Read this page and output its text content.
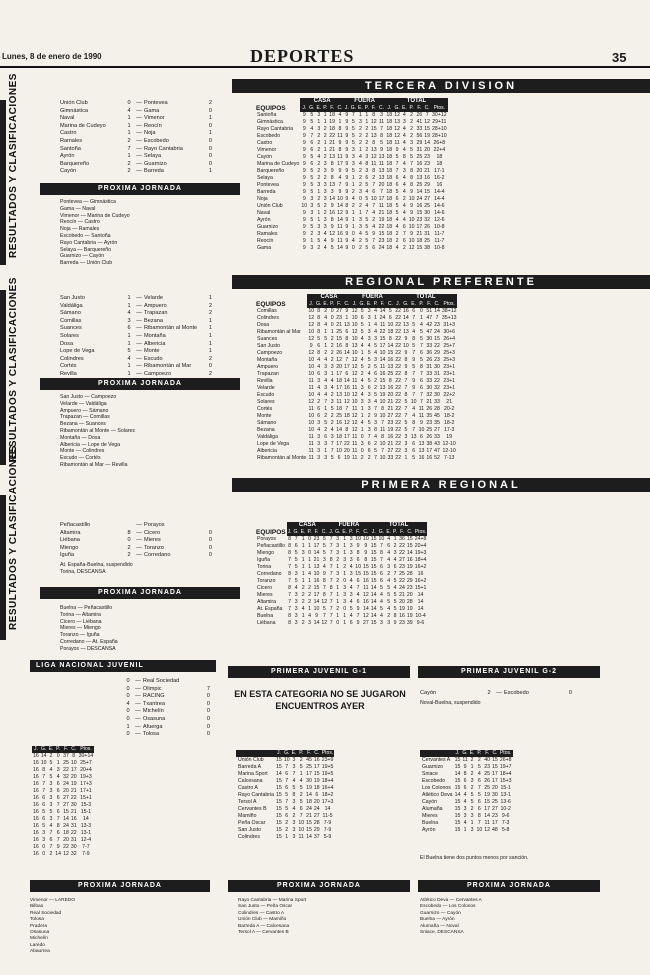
Lunes, 8 de enero de 1990	DEPORTES	35
RESULTADOS Y CLASIFICACIONES
RESULTADOS Y CLASIFICACIONES
RESULTADOS Y CLASIFICACIONES
TERCERA DIVISION
Unión Club	0	— Pontevea	2
Gimnástica	4	— Gama	0
Naval	1	— Vimenor	1
Marina de Cudeyo	1	— Reocín	0
Castro	1	— Noja	1
Ramales	2	— Escobedo	0
Santoña	7	— Rayo Cantabria	0
Ayrón	1	— Selaya	0
Barquereño	2	— Guarnizo	0
Cayón	2	— Barreda	1
PROXIMA JORNADA
Pontevea — Gimnástica
Gama — Naval
Vimenor — Marina de Cudeyo
Reocín — Castro
Noja — Ramales
Escobedo — Santoña
Rayo Cantabria — Ayrón
Selaya — Barquereño
Guarnizo — Cayón
Barreda — Unión Club
EQUIPOS	CASA						FUERA						TOTAL						
	J.	G.	E.	P.	F.	C.	J.	G.	E.	P.	F.	C.	J.	G.	E.	P.	F.	C.	Ptos.
Santoña	9	5	3	1	18	4	9	7	1	1	8	3	18	12	4	2	26	7	30+12
Gimnástica	9	5	1	1	19	1	9	5	3	1	12	11	18	13	3	2	41	12	29+11
Rayo Cantabria	9	4	3	2	18	8	9	5	2	2	15	7	18	12	4	2	33	15	28+10
Escobedo	9	7	2	2	22	11	9	5	2	2	13	8	18	12	4	2	56	19	28+10
Castro	9	6	2	1	21	9	9	5	2	2	8	5	18	11	4	3	29	14	26+8
Vimenor	9	6	2	1	21	8	9	3	1	2	13	9	18	9	4	5	31	20	22+4
Cayón	9	5	4	2	13	11	9	3	4	3	12	13	18	5	8	5	25	23	18
Marina de Cudeyo	9	6	2	3	8	17	9	3	4	8	11	11	18	7	4	7	16	23	18
Barquereño	9	5	2	3	9	9	9	5	2	3	8	13	18	7	3	8	20	21	17-1
Selaya	9	5	2	2	8	4	9	1	2	6	2	13	18	6	4	8	13	16	16-2
Pontevea	9	5	3	3	13	7	9	1	2	5	7	20	18	6	4	8	25	29	16
Barreda	9	5	1	3	3	9	9	2	3	4	6	7	18	5	4	9	14	15	14-4
Noja	9	3	2	3	14	10	9	4	0	5	10	17	18	6	2	10	24	27	14-4
Unión Club	10	3	5	2	9	14	8	2	2	4	7	11	18	5	4	9	16	25	14-6
Naval	9	3	1	2	16	12	9	1	1	7	4	21	18	5	4	9	15	30	14-6
Ayrón	9	5	1	3	8	14	9	1	3	5	2	19	18	4	4	10	23	32	12-6
Guarnizo	9	5	3	3	9	11	9	1	3	5	4	22	18	4	6	10	17	26	10-8
Ramales	9	2	3	4	12	16	9	0	4	5	9	15	18	2	7	9	21	31	11-7
Reocín	9	1	5	4	9	11	9	4	2	5	7	23	18	2	6	10	18	25	11-7
Gama	9	3	2	4	5	14	9	0	2	5	6	24	18	4	2	12	15	38	10-8
REGIONAL PREFERENTE
San Justo	1	— Velarde	1
Valdáliga	1	— Ampuero	2
Sámano	4	— Trapazan	2
Comillas	3	— Bezana	1
Suances	6	— Ribamontán al Monte	1
Solares	1	— Montaña	1
Dosa	1	— Albericia	1
Lope de Vega	5	— Monte	1
Colindres	4	— Escudo	2
Cortés	1	— Ribamontán al Mar	0
Revilla	1	— Campoezo	2
PROXIMA JORNADA
San Justo — Campoezo
Velarde — Valdáliga
Ampuero — Sámano
Trapazan — Comillas
Bezana — Suances
Ribamontán al Monte — Solares
Montaña — Dosa
Albericia — Lope de Vega
Monte — Colindres
Escudo — Cortés
Ribamontán al Mar — Revilla
EQUIPOS	CASA						FUERA						TOTAL						
	J.	G.	E.	P.	F.	C.	J.	G.	E.	P.	F.	C.	J.	G.	E.	P.	F.	C.	Ptos.
Comillas	10	8	2	0	27	9	12	5	3	4	14	5	22	16	6	0	51	14	38+12
Colindres	12	8	4	0	23	1	10	6	3	1	24	6	22	14	7	1	47	7	35+13
Dosa	12	8	4	0	21	13	10	5	1	4	11	10	22	13	5	4	42	23	31+3
Ribamontán al Mar	10	8	1	1	25	6	12	5	3	4	22	18	22	13	4	5	47	24	30+6
Suances	12	5	5	2	15	8	10	4	3	3	15	8	22	9	8	5	30	15	26+4
San Justo	9	6	1	2	16	8	13	4	4	5	17	14	22	10	5	7	33	22	25+7
Campoezo	12	8	2	2	26	14	10	1	5	4	10	15	22	9	7	6	36	29	25+3
Montaña	10	4	4	2	12	7	12	4	5	3	14	16	22	8	9	5	26	23	25+3
Ampuero	10	4	3	3	20	17	12	5	2	5	11	13	22	9	5	8	31	30	23+1
Trapazan	10	6	3	1	17	6	12	2	4	6	16	25	22	8	7	7	33	31	23+1
Revilla	11	3	4	4	18	14	11	4	5	2	15	8	22	7	9	6	33	22	23+1
Velarde	11	4	3	4	17	16	11	3	6	2	13	16	22	7	9	6	30	32	23+1
Escudo	10	4	4	2	13	10	12	4	3	5	19	20	22	8	7	7	32	30	22+2
Solares	12	2	7	3	11	12	10	3	3	4	10	21	22	5	10	7	21	33	21
Cortés	11	6	1	5	18	7	11	1	3	7	8	21	22	7	4	11	26	28	20-2
Monte	10	6	2	2	25	18	12	1	2	9	10	27	22	7	4	11	35	45	18-2
Sámano	10	3	5	2	16	12	12	4	5	3	7	23	22	5	8	9	23	35	18-2
Bezana	10	4	2	4	14	8	12	1	3	8	11	19	22	5	7	10	25	27	17-3
Valdáliga	11	3	6	3	18	17	11	0	7	4	8	16	22	3	13	6	26	33	19
Lope de Vega	11	3	3	7	17	22	11	3	6	2	10	21	22	3	6	13	38	43	12-10
Albericia	11	3	1	7	10	20	11	0	6	5	7	27	22	3	6	13	17	47	12-10
Ribamontán al Monte	11	3	3	5	6	19	11	2	2	7	10	33	22	1	5	16	16	52	7-13
PRIMERA REGIONAL
Peñacastillo	— Porayos
Altamira	8	— Cicero	0
Liébana	0	— Mieres	0
Miengo	2	— Toranzo	0
Iguña	2	— Corredano	0
At. España-Buelna, suspendido
Torina, DESCANSA
PROXIMA JORNADA
Buelna — Peñacastillo
Torina — Altamira
Cicero — Liébana
Mieres — Miengo
Toranzo — Iguña
Corredano — At. España
Porayos — DESCANSA
EQUIPOS	CASA						FUERA						TOTAL						
	J.	G.	E.	P.	F.	C.	J.	G.	E.	P.	F.	C.	J.	G.	E.	P.	F.	C.	Ptos.
Porayos	8	7	1	0	23	5	7	3	1	3	10	10	15	10	4	1	36	15	24+8
Peñacastillo	8	6	1	1	17	5	7	3	1	3	9	9	15	7	6	2	22	15	20+4
Miengo	8	5	3	0	14	5	7	3	1	3	8	9	15	8	4	3	22	14	19+3
Iguña	7	5	1	1	21	3	8	2	3	3	6	8	15	7	4	4	27	16	18+4
Torina	7	5	1	1	13	4	7	1	2	4	10	15	15	6	3	6	23	19	16+2
Corredano	8	3	1	4	10	9	7	3	1	3	15	15	15	6	2	7	25	28	16
Toranzo	7	5	1	1	16	8	7	2	0	4	6	16	15	6	4	5	22	29	16+2
Cicero	8	4	2	2	15	7	8	1	3	4	7	11	14	5	5	4	24	23	15+1
Mieres	7	3	2	2	17	8	7	1	3	3	4	12	14	4	5	5	21	20	14
Altamira	7	3	2	2	14	12	7	1	3	4	6	16	14	4	5	5	20	28	14
At. España	7	3	4	1	10	5	7	2	0	5	9	14	14	5	4	5	19	19	14
Buelna	8	3	1	4	9	7	7	1	1	4	7	12	14	4	2	8	16	19	10-4
Liébana	8	3	2	3	14	12	7	0	1	6	9	27	15	3	3	9	23	39	9-6
LIGA NACIONAL JUVENIL
0 — Real Sociedad
0 — Olimpic	7
0 — RACING	0
4 — Txantrea	0
0 — Michelín	0
0 — Osasuna	0
1 — Afuerga	0
0 — Tolosa	0
J.	G.	E.	P.	F.	C.	Ptos.
16	14	2	0	37	8	30+14
16	10	5	1	25	10	25+7
16	8	4	3	22	17	20+4
16	7	5	4	32	20	19+3
16	7	3	6	24	19	17+3
16	7	3	6	20	21	17+1
16	6	3	6	27	22	15+1
16	6	3	7	27	30	15-3
16	5	5	6	15	21	15-1
16	6	3	7	14	16	14
16	5	4	8	24	31	13-3
16	3	7	6	18	22	13-1
16	3	6	7	20	31	12-4
16	0	7	9	22	30	7-7
16	0	2	14	12	32	7-9
PROXIMA JORNADA
Vimenor — LAREDO
Bilbao
Real Sociedad
Tolosa
Pradera
Osasuna
Michelín
Laredo
Abaurrea
PRIMERA JUVENIL G-1
EN ESTA CATEGORIA NO SE JUGARON ENCUENTROS AYER
	J.	G.	E.	P.	F.	C.	Ptos.
Unión Club	15	10	3	2	45	16	23+9
Barreda A	15	7	3	5	25	17	19+5
Marina Sport	14	6	7	1	17	15	19+5
Calcesana	15	7	4	4	30	19	18+4
Castro A	15	6	5	5	19	18	16+4
Rayo Cantabria	15	5	8	2	14	6	18+2
Tersol A	15	7	3	5	18	20	17+3
Cervantes B	15	5	4	6	24	24	14
Mamiño	15	6	2	7	21	27	11-5
Peña Oscar	15	2	3	10	15	28	7-9
San Justo	15	2	3	10	15	29	7-9
Colindres	15	1	3	11	14	37	5-9
PROXIMA JORNADA
Rayo Cantabria — Marina Sport
San Justo — Peña Oscar
Colindres — Castro A
Unión Club — Mamiño
Barreda A — Calcesana
Tersol A — Cervantes B
PRIMERA JUVENIL G-2
Cayón	2	— Escobedo	0
Noval-Buelna, suspendido
	J.	G.	E.	P.	F.	C.	Ptos.
Cervantes A	15	11	2	2	40	15	26+8
Guarnizo	15	9	1	5	23	15	19+7
Sniace	14	8	2	4	25	17	18+4
Escobedo	15	6	3	6	26	17	15+3
Los Colonos	15	6	2	7	25	20	15-1
Atlético Deva	14	4	5	5	19	30	13-1
Cayón	15	4	5	6	15	25	13-6
Alumaña	15	3	2	6	17	27	10-2
Mieres	15	3	3	8	14	23	9-6
Buelna	15	4	1	7	11	17	7-3
Ayrón	15	1	3	10	12	48	5-8
El Buelna tiene dos puntos menos por sanción.
PROXIMA JORNADA
Atlético Deva — Cervantes A
Escobedo — Los Colonos
Guarnizo — Cayón
Buelna — Ayrón
Alumaña — Noval
Sniace, DESCANSA
